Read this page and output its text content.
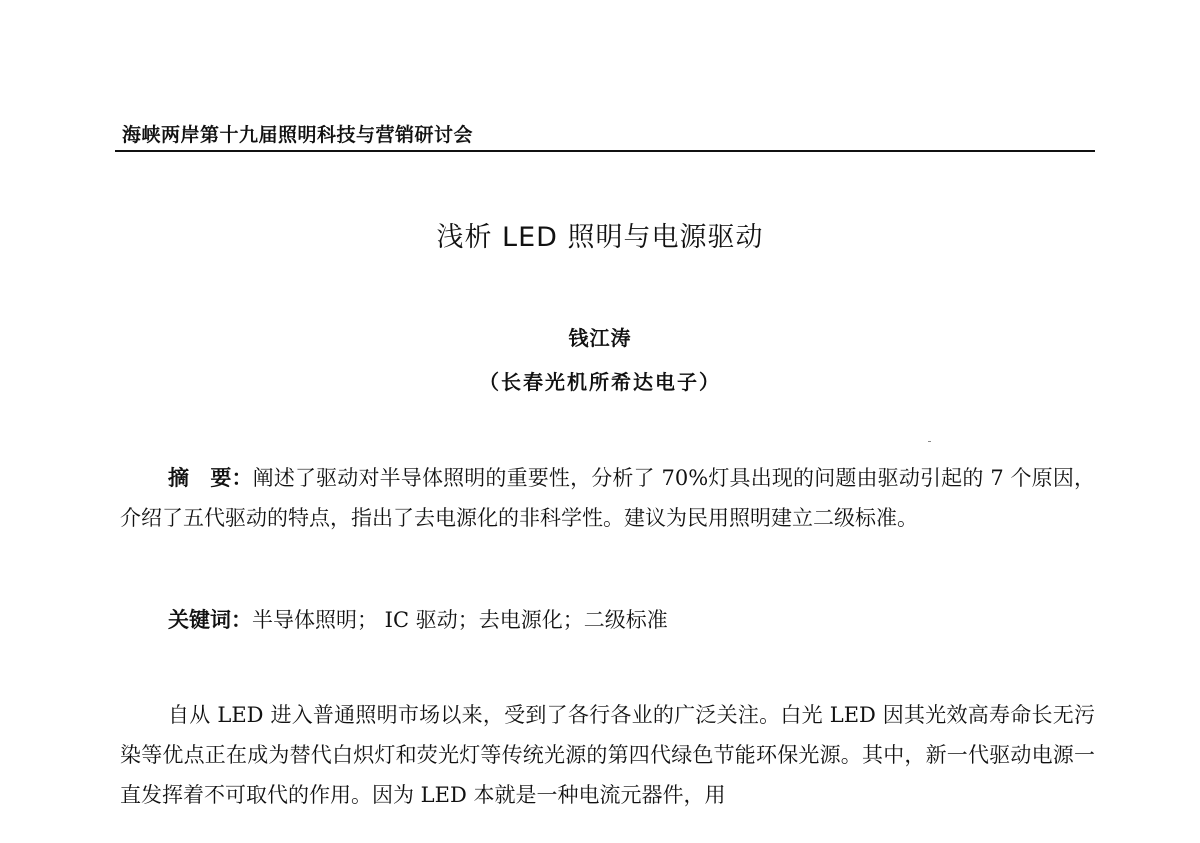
海峡两岸第十九届照明科技与营销研讨会
浅析 LED 照明与电源驱动
钱江涛
（长春光机所希达电子）

摘　要：阐述了驱动对半导体照明的重要性，分析了 70%灯具出现的问题由驱动引起的 7 个原因，介绍了五代驱动的特点，指出了去电源化的非科学性。建议为民用照明建立二级标准。

关键词：半导体照明； IC 驱动；去电源化；二级标准

自从 LED 进入普通照明市场以来，受到了各行各业的广泛关注。白光 LED 因其光效高寿命长无污染等优点正在成为替代白炽灯和荧光灯等传统光源的第四代绿色节能环保光源。其中，新一代驱动电源一直发挥着不可取代的作用。因为 LED 本就是一种电流元器件，用
